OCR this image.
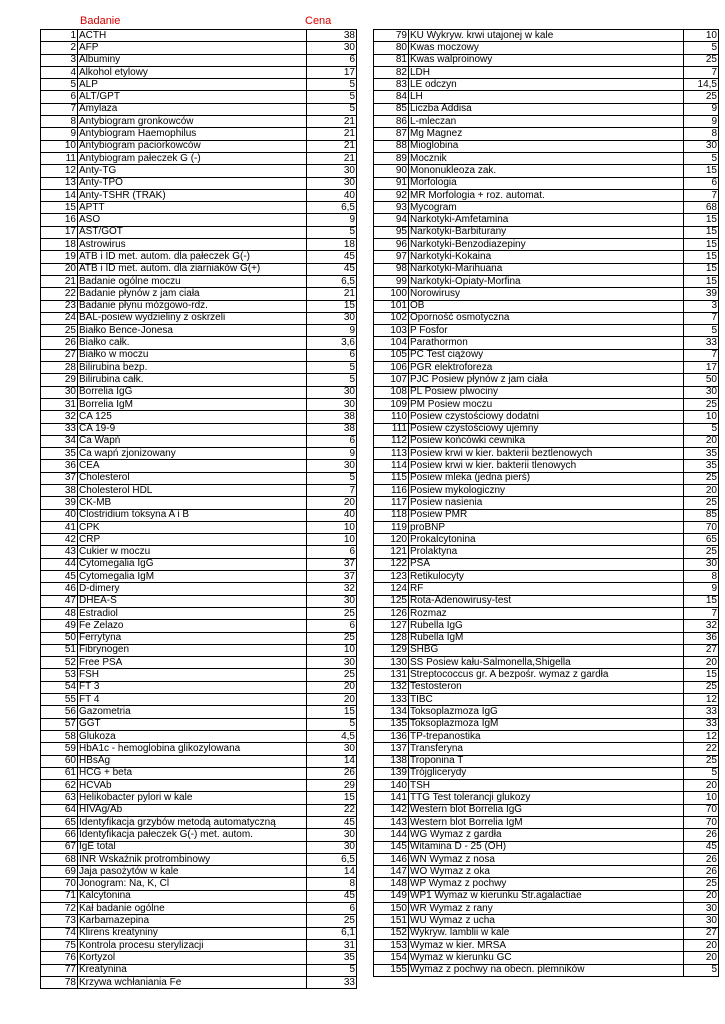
Badanie	Cena
1	ACTH	38
2	AFP	30
3	Albuminy	6
4	Alkohol etylowy	17
5	ALP	5
6	ALT/GPT	5
7	Amylaza	5
8	Antybiogram gronkowców	21
9	Antybiogram Haemophilus	21
10	Antybiogram paciorkowców	21
11	Antybiogram pałeczek G (-)	21
12	Anty-TG	30
13	Anty-TPO	30
14	Anty-TSHR (TRAK)	40
15	APTT	6,5
16	ASO	9
17	AST/GOT	5
18	Astrowirus	18
19	ATB i ID met. autom. dla pałeczek G(-)	45
20	ATB i ID met. autom. dla ziarniaków G(+)	45
21	Badanie ogólne moczu	6,5
22	Badanie płynów z jam ciała	21
23	Badanie płynu mózgowo-rdz.	15
24	BAL-posiew wydzieliny z oskrzeli	30
25	Białko Bence-Jonesa	9
26	Białko całk.	3,6
27	Białko w moczu	6
28	Bilirubina bezp.	5
29	Bilirubina całk.	5
30	Borrelia IgG	30
31	Borrelia IgM	30
32	CA 125	38
33	CA 19-9	38
34	Ca Wapń	6
35	Ca wapń zjonizowany	9
36	CEA	30
37	Cholesterol	5
38	Cholesterol HDL	7
39	CK-MB	20
40	Clostridium toksyna A i B	40
41	CPK	10
42	CRP	10
43	Cukier w moczu	6
44	Cytomegalia IgG	37
45	Cytomegalia IgM	37
46	D-dimery	32
47	DHEA-S	30
48	Estradiol	25
49	Fe Żelazo	6
50	Ferrytyna	25
51	Fibrynogen	10
52	Free PSA	30
53	FSH	25
54	FT 3	20
55	FT 4	20
56	Gazometria	15
57	GGT	5
58	Glukoza	4,5
59	HbA1c - hemoglobina glikozylowana	30
60	HBsAg	14
61	HCG + beta	26
62	HCVAb	29
63	Helikobacter pylori w kale	15
64	HIVAg/Ab	22
65	Identyfikacja grzybów metodą automatyczną	45
66	Identyfikacja pałeczek G(-) met. autom.	30
67	IgE total	30
68	INR Wskaźnik protrombinowy	6,5
69	Jaja pasożytów w kale	14
70	Jonogram: Na, K, Cl	8
71	Kalcytonina	45
72	Kał badanie ogólne	6
73	Karbamazepina	25
74	Klirens kreatyniny	6,1
75	Kontrola procesu sterylizacji	31
76	Kortyzol	35
77	Kreatynina	5
78	Krzywa wchłaniania Fe	33
79	KU Wykryw. krwi utajonej w kale	10
80	Kwas moczowy	5
81	Kwas walproinowy	25
82	LDH	7
83	LE odczyn	14,5
84	LH	25
85	Liczba Addisa	9
86	L-mleczan	9
87	Mg Magnez	8
88	Mioglobina	30
89	Mocznik	5
90	Mononukleoza zak.	15
91	Morfologia	6
92	MR Morfologia + roz. automat.	7
93	Mycogram	68
94	Narkotyki-Amfetamina	15
95	Narkotyki-Barbiturany	15
96	Narkotyki-Benzodiazepiny	15
97	Narkotyki-Kokaina	15
98	Narkotyki-Marihuana	15
99	Narkotyki-Opiaty-Morfina	15
100	Norowirusy	39
101	OB	3
102	Oporność osmotyczna	7
103	P Fosfor	5
104	Parathormon	33
105	PC Test ciążowy	7
106	PGR elektroforeza	17
107	PJC Posiew płynów z jam ciała	50
108	PL Posiew plwociny	30
109	PM Posiew moczu	25
110	Posiew czystościowy dodatni	10
111	Posiew czystościowy ujemny	5
112	Posiew końcówki cewnika	20
113	Posiew krwi w kier. bakterii beztlenowych	35
114	Posiew krwi w kier. bakterii tlenowych	35
115	Posiew mleka (jedna pierś)	25
116	Posiew mykologiczny	20
117	Posiew nasienia	25
118	Posiew PMR	85
119	proBNP	70
120	Prokalcytonina	65
121	Prolaktyna	25
122	PSA	30
123	Retikulocyty	8
124	RF	9
125	Rota-Adenowirusy-test	15
126	Rozmaz	7
127	Rubella IgG	32
128	Rubella IgM	36
129	SHBG	27
130	SS Posiew kału-Salmonella,Shigella	20
131	Streptococcus gr. A bezpośr. wymaz z gardła	15
132	Testosteron	25
133	TIBC	12
134	Toksoplazmoza IgG	33
135	Toksoplazmoza IgM	33
136	TP-trepanostika	12
137	Transferyna	22
138	Troponina T	25
139	Trójglicerydy	5
140	TSH	20
141	TTG Test tolerancji glukozy	10
142	Western blot Borrelia IgG	70
143	Western blot Borrelia IgM	70
144	WG Wymaz z gardła	26
145	Witamina D - 25 (OH)	45
146	WN Wymaz z nosa	26
147	WO Wymaz z oka	26
148	WP Wymaz z pochwy	25
149	WP1 Wymaz w kierunku Str.agalactiae	20
150	WR Wymaz z rany	30
151	WU Wymaz z ucha	30
152	Wykryw. lamblii w kale	27
153	Wymaz w kier. MRSA	20
154	Wymaz w kierunku GC	20
155	Wymaz z pochwy na obecn. plemników	5
